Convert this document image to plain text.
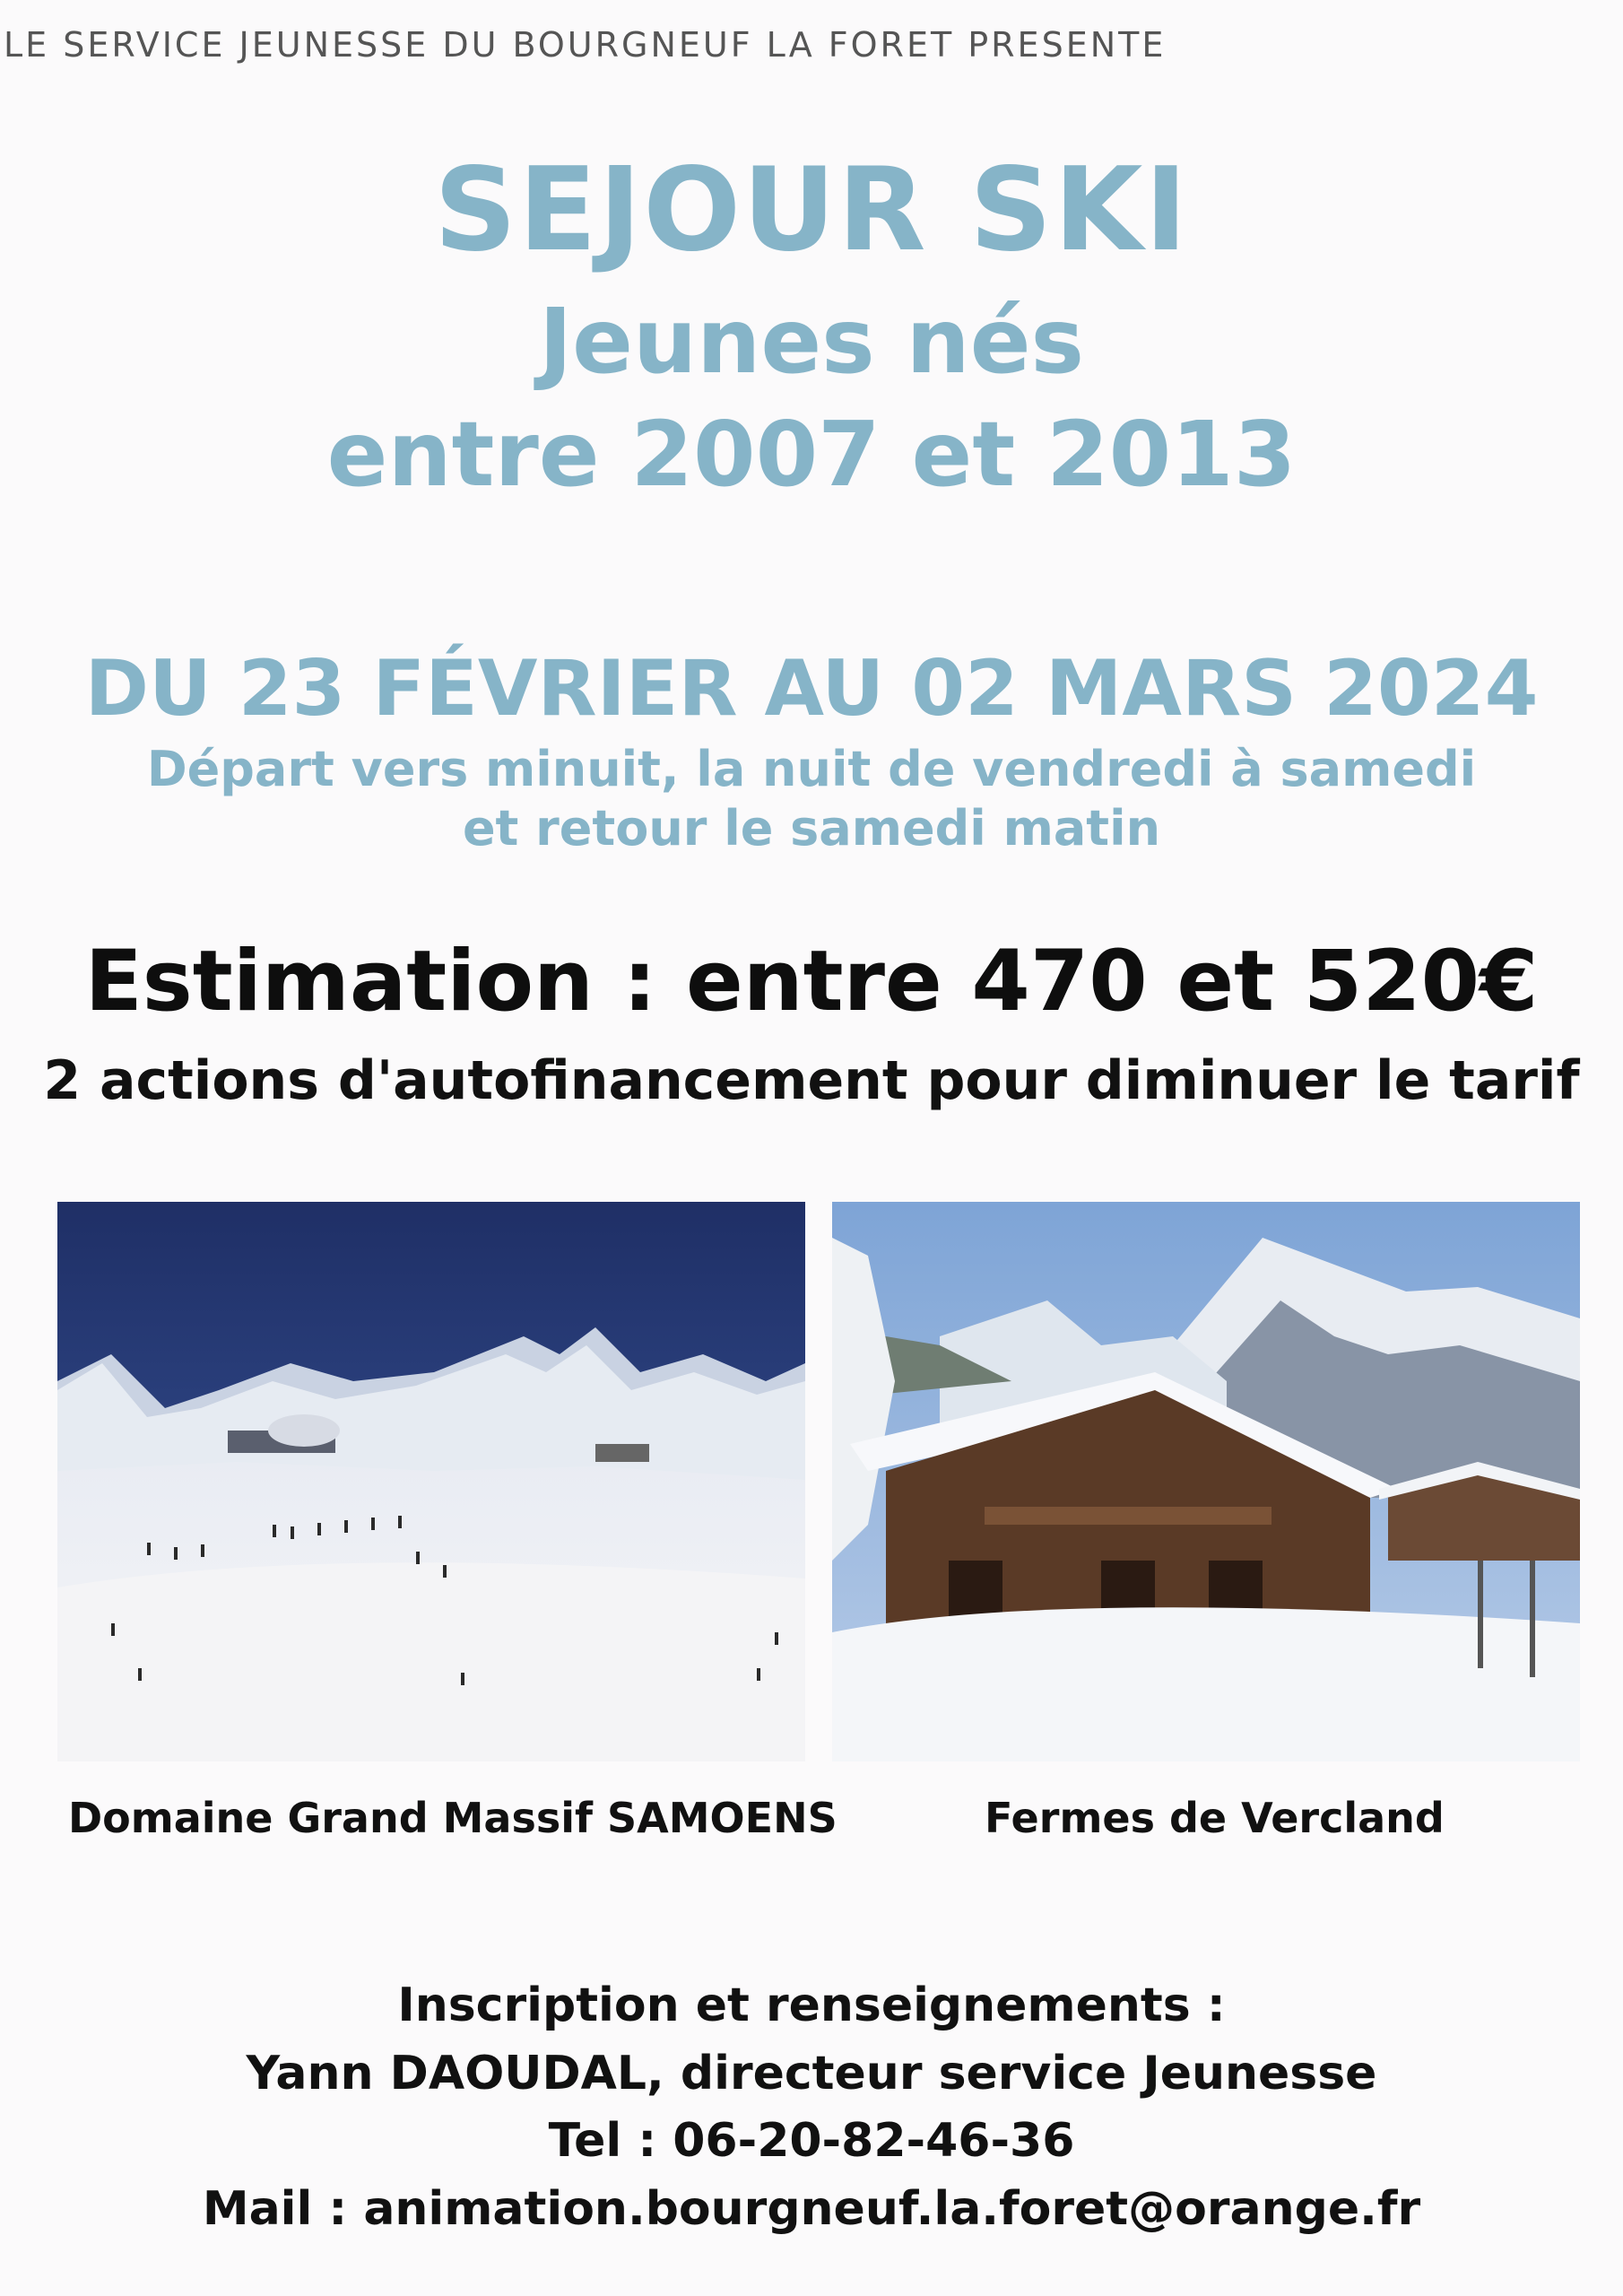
LE SERVICE JEUNESSE DU BOURGNEUF LA FORET PRESENTE
SEJOUR SKI
Jeunes nés
entre 2007 et 2013
DU 23 FÉVRIER AU 02 MARS 2024
Départ vers minuit, la nuit de vendredi à samedi
et retour le samedi matin
Estimation : entre 470 et 520€
2 actions d'autofinancement pour diminuer le tarif
Domaine Grand Massif SAMOENS	Fermes de Vercland
Inscription et renseignements :
Yann DAOUDAL, directeur service Jeunesse
Tel : 06-20-82-46-36
Mail : animation.bourgneuf.la.foret@orange.fr
